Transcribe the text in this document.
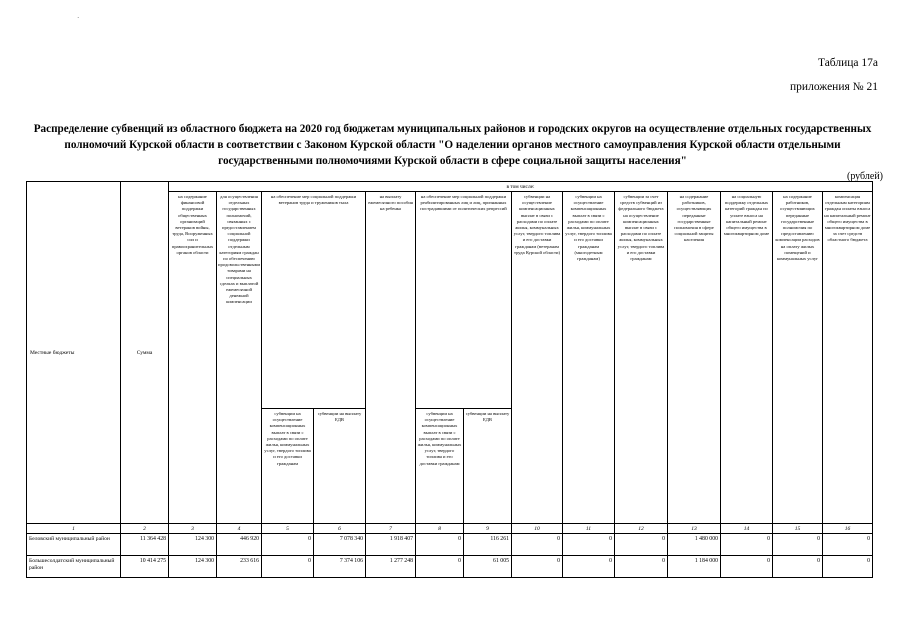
·
Таблица 17а
приложения № 21
Распределение субвенций из областного бюджета на 2020 год бюджетам муниципальных районов и городских округов на осуществление отдельных государственных полномочий Курской области в соответствии с Законом Курской области "О наделении органов местного самоуправления Курской области отдельными государственными полномочиями Курской области в сфере социальной защиты населения"
(рублей)
Местные бюджеты	Сумма	в том числе:													
		на содержание финансовой поддержки общественных организаций ветеранов войны, труда, Вооруженных сил и правоохранительных органов области	для осуществления отдельных государственных полномочий, связанных с предоставлением социальной поддержки отдельным категориям граждан по обеспечению продовольственными товарами на специальных сделках и выплатой ежемесячной денежной компенсации	на обеспечение мер социальной поддержки ветеранов труда и тружеников тыла		на выплату ежемесячного пособия на ребенка	на обеспечение мер социальной поддержки реабилитированных лиц и лиц, признанных пострадавшими от политических репрессий		субвенции на осуществление компенсационных выплат в связи с расходами по оплате жилья, коммунальных услуг, твердого топлива и его доставки гражданам (ветеранам труда Курской области)	субвенции на осуществление компенсационных выплат в связи с расходами по оплате жилья, коммунальных услуг, твердого топлива и его доставки гражданам (многодетным гражданам)	субвенции за счет средств субвенций из федерального бюджета на осуществление компенсационных выплат в связи с расходами по оплате жилья, коммунальных услуг, твердого топлива и его доставки гражданам	на содержание работников, осуществляющих переданные государственные полномочия в сфере социальной защиты населения	на социальную поддержку отдельных категорий граждан по уплате взноса на капитальный ремонт общего имущества в многоквартирном доме	на содержание работников, осуществляющих переданные государственные полномочия по предоставлению компенсации расходов на оплату жилых помещений и коммунальных услуг	компенсация отдельным категориям граждан оплаты взноса на капитальный ремонт общего имущества в многоквартирном доме за счет средств областного бюджета
				субвенции на осуществление компенсационных выплат в связи с расходами по оплате жилья, коммунальных услуг, твердого топлива и его доставки гражданам	субвенции на выплату ЕДВ		субвенции на осуществление компенсационных выплат в связи с расходами по оплате жилья, коммунальных услуг, твердого топлива и его доставки гражданам	субвенции на выплату ЕДВ							
1	2	3	4	5	6	7	8	9	10	11	12	13	14	15	16
Беловский муниципальный район	11 364 428	124 300	446 920	0	7 078 340	1 918 407	0	116 261	0	0	0	1 480 000	0	0	0
Большесолдатский муниципальный район	10 414 275	124 300	233 616	0	7 374 106	1 277 248	0	61 005	0	0	0	1 184 000	0	0	0
